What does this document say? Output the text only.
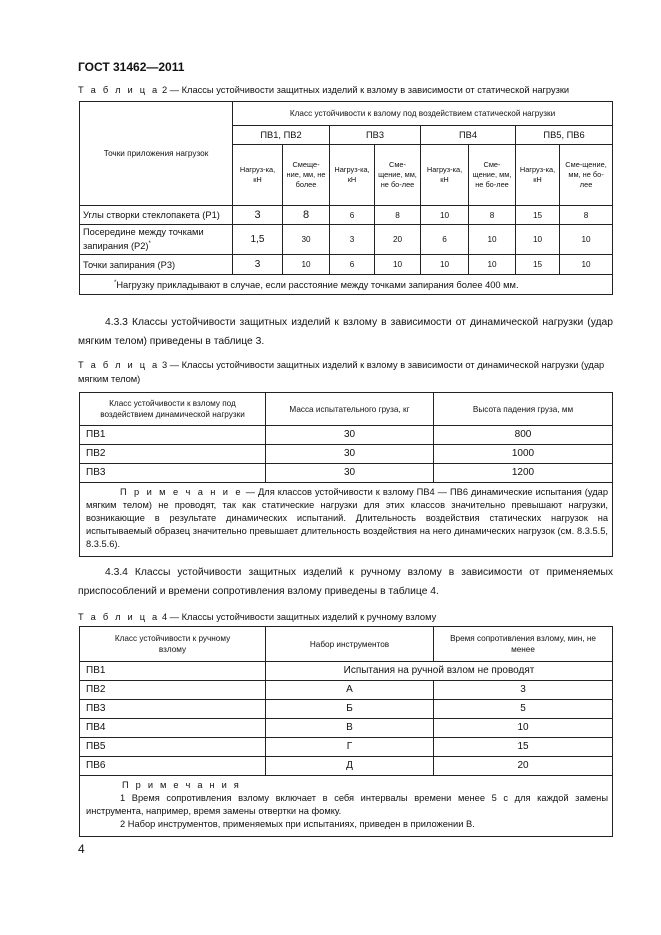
ГОСТ 31462—2011
Т а б л и ц а 2 — Классы устойчивости защитных изделий к взлому в зависимости от статической нагрузки
Точки приложения нагрузок	Класс устойчивости к взлому под воздействием статической нагрузки							
	ПВ1, ПВ2		ПВ3		ПВ4		ПВ5, ПВ6	
	Нагруз-ка, кН	Смеще-ние, мм, не более	Нагруз-ка, кН	Сме-щение, мм, не бо-лее	Нагруз-ка, кН	Сме-щение, мм, не бо-лее	Нагруз-ка, кН	Сме-щение, мм, не бо-лее
Углы створки стеклопакета (Р1)	3	8	6	8	10	8	15	8
Посередине между точками запирания (Р2)*	1,5	30	3	20	6	10	10	10
Точки запирания (Р3)	3	10	6	10	10	10	15	10
*Нагрузку прикладывают в случае, если расстояние между точками запирания более 400 мм.								
4.3.3 Классы устойчивости защитных изделий к взлому в зависимости от динамической нагрузки (удар мягким телом) приведены в таблице 3.
Т а б л и ц а 3 — Классы устойчивости защитных изделий к взлому в зависимости от динамической нагрузки (удар мягким телом)
Класс устойчивости к взлому под воздействием динамической нагрузки	Масса испытательного груза, кг	Высота падения груза, мм
ПВ1	30	800
ПВ2	30	1000
ПВ3	30	1200
П р и м е ч а н и е — Для классов устойчивости к взлому ПВ4 — ПВ6 динамические испытания (удар мягким телом) не проводят, так как статические нагрузки для этих классов значительно превышают нагрузки, возникающие в результате динамических испытаний. Длительность воздействия статических нагрузок на испытываемый образец значительно превышает длительность воздействия на него динамических нагрузок (см. 8.3.5.5, 8.3.5.6).		
4.3.4 Классы устойчивости защитных изделий к ручному взлому в зависимости от применяемых приспособлений и времени сопротивления взлому приведены в таблице 4.
Т а б л и ц а 4 — Классы устойчивости защитных изделий к ручному взлому
Класс устойчивости к ручному взлому	Набор инструментов	Время сопротивления взлому, мин, не менее
ПВ1	Испытания на ручной взлом не проводят	
ПВ2	А	3
ПВ3	Б	5
ПВ4	В	10
ПВ5	Г	15
ПВ6	Д	20

П р и м е ч а н и я
1 Время сопротивления взлому включает в себя интервалы времени менее 5 с для каждой замены инструмента, например, время замены отвертки на фомку.
2 Набор инструментов, применяемых при испытаниях, приведен в приложении В.		
4
